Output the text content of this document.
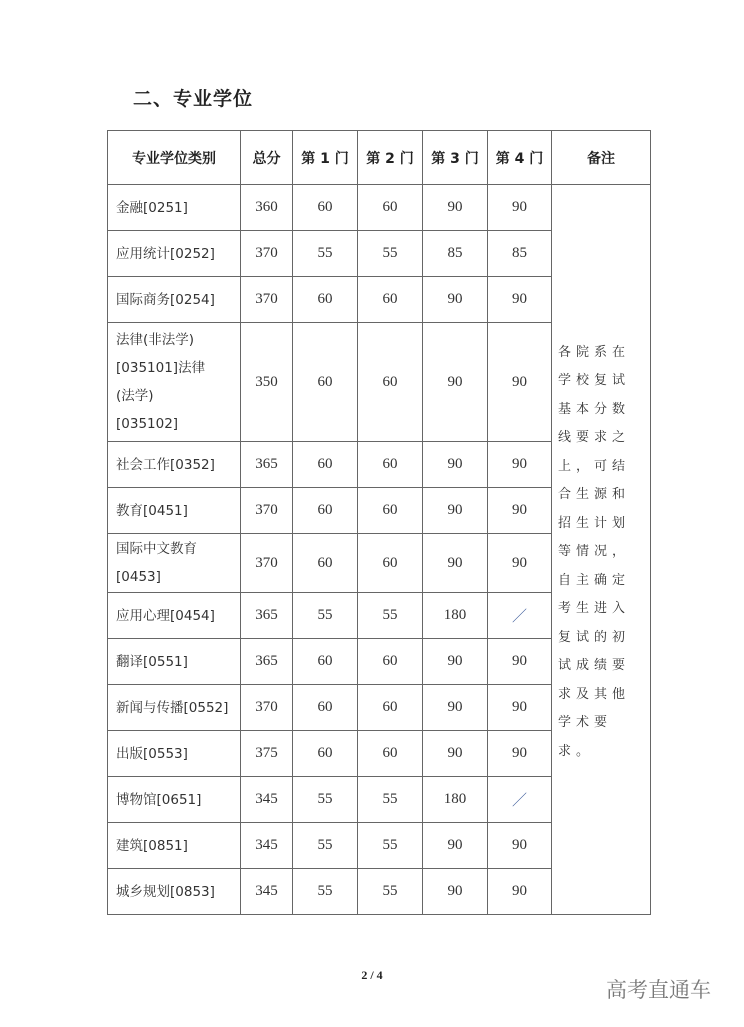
二、专业学位
专业学位类别	总分	第 1 门	第 2 门	第 3 门	第 4 门	备注
金融[0251]	360	60	60	90	90	各院系在学校复试基本分数线要求之上，可结合生源和招生计划等情况，自主确定考生进入复试的初试成绩要求及其他学术要求。

应用统计[0252]	370	55	55	85	85	
国际商务[0254]	370	60	60	90	90	

法律(非法学)[035101]法律(法学)[035102]	350	60	60	90	90	
社会工作[0352]	365	60	60	90	90	
教育[0451]	370	60	60	90	90	

国际中文教育[0453]	370	60	60	90	90	
应用心理[0454]	365	55	55	180	／	
翻译[0551]	365	60	60	90	90	
新闻与传播[0552]	370	60	60	90	90	
出版[0553]	375	60	60	90	90	
博物馆[0651]	345	55	55	180	／	
建筑[0851]	345	55	55	90	90	
城乡规划[0853]	345	55	55	90	90	
2 / 4
高考直通车
